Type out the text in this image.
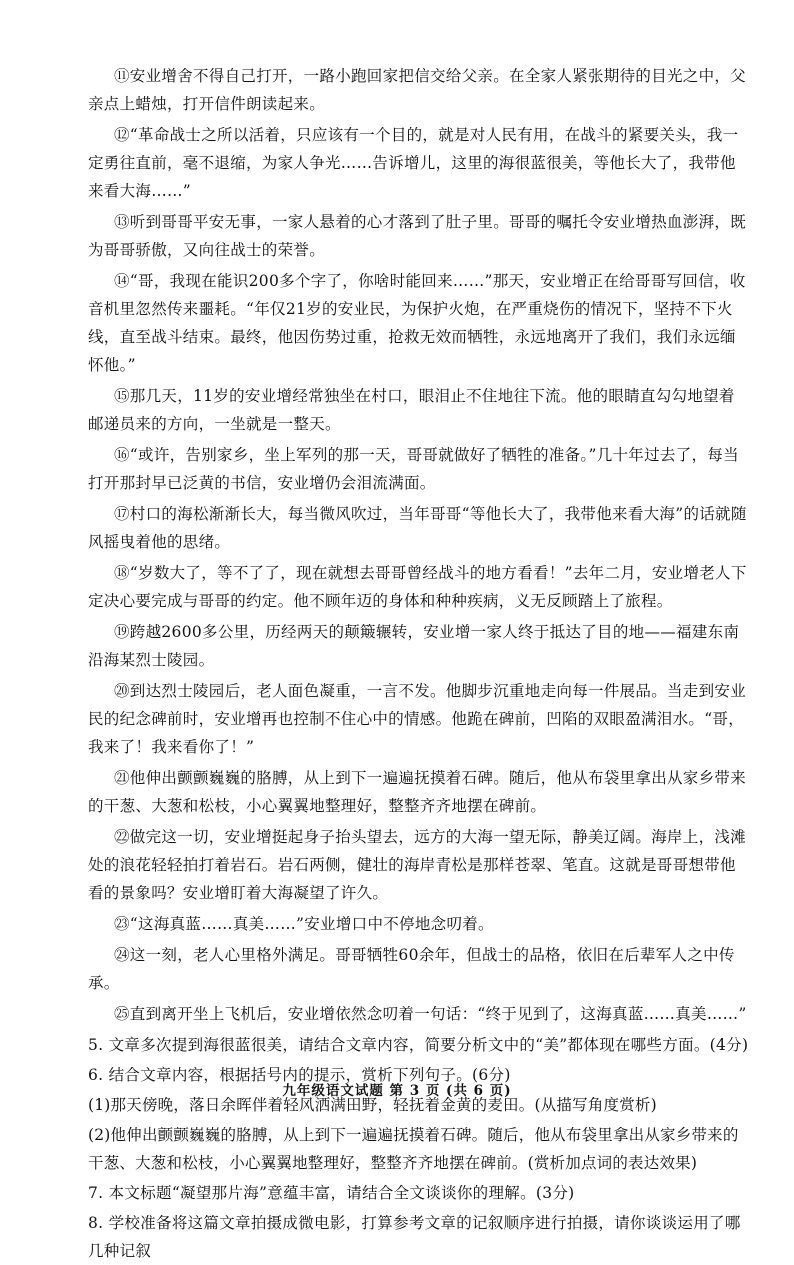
⑪安业增舍不得自己打开，一路小跑回家把信交给父亲。在全家人紧张期待的目光之中，父亲点上蜡烛，打开信件朗读起来。

⑫“革命战士之所以活着，只应该有一个目的，就是对人民有用，在战斗的紧要关头，我一定勇往直前，毫不退缩，为家人争光……告诉增儿，这里的海很蓝很美，等他长大了，我带他来看大海……”

⑬听到哥哥平安无事，一家人悬着的心才落到了肚子里。哥哥的嘱托令安业增热血澎湃，既为哥哥骄傲，又向往战士的荣誉。

⑭“哥，我现在能识200多个字了，你啥时能回来……”那天，安业增正在给哥哥写回信，收音机里忽然传来噩耗。“年仅21岁的安业民，为保护火炮，在严重烧伤的情况下，坚持不下火线，直至战斗结束。最终，他因伤势过重，抢救无效而牺牲，永远地离开了我们，我们永远缅怀他。”

⑮那几天，11岁的安业增经常独坐在村口，眼泪止不住地往下流。他的眼睛直勾勾地望着邮递员来的方向，一坐就是一整天。

⑯“或许，告别家乡，坐上军列的那一天，哥哥就做好了牺牲的准备。”几十年过去了，每当打开那封早已泛黄的书信，安业增仍会泪流满面。

⑰村口的海松渐渐长大，每当微风吹过，当年哥哥“等他长大了，我带他来看大海”的话就随风摇曳着他的思绪。

⑱“岁数大了，等不了了，现在就想去哥哥曾经战斗的地方看看！”去年二月，安业增老人下定决心要完成与哥哥的约定。他不顾年迈的身体和种种疾病，义无反顾踏上了旅程。

⑲跨越2600多公里，历经两天的颠簸辗转，安业增一家人终于抵达了目的地——福建东南沿海某烈士陵园。

⑳到达烈士陵园后，老人面色凝重，一言不发。他脚步沉重地走向每一件展品。当走到安业民的纪念碑前时，安业增再也控制不住心中的情感。他跪在碑前，凹陷的双眼盈满泪水。“哥，我来了！我来看你了！”

㉑他伸出颤颤巍巍的胳膊，从上到下一遍遍抚摸着石碑。随后，他从布袋里拿出从家乡带来的干葱、大葱和松枝，小心翼翼地整理好，整整齐齐地摆在碑前。

㉒做完这一切，安业增挺起身子抬头望去，远方的大海一望无际，静美辽阔。海岸上，浅滩处的浪花轻轻拍打着岩石。岩石两侧，健壮的海岸青松是那样苍翠、笔直。这就是哥哥想带他看的景象吗？安业增盯着大海凝望了许久。

㉓“这海真蓝……真美……”安业增口中不停地念叨着。

㉔这一刻，老人心里格外满足。哥哥牺牲60余年，但战士的品格，依旧在后辈军人之中传承。

㉕直到离开坐上飞机后，安业增依然念叨着一句话：“终于见到了，这海真蓝……真美……”

5. 文章多次提到海很蓝很美，请结合文章内容，简要分析文中的“美”都体现在哪些方面。(4分)

6. 结合文章内容，根据括号内的提示，赏析下列句子。(6分)

(1)那天傍晚，落日余晖伴着轻风洒满田野，轻抚着金黄的麦田。(从描写角度赏析)

(2)他伸出颤颤巍巍的胳膊，从上到下一遍遍抚摸着石碑。随后，他从布袋里拿出从家乡带来的干葱、大葱和松枝，小心翼翼地整理好，整整齐齐地摆在碑前。(赏析加点词的表达效果)

7. 本文标题“凝望那片海”意蕴丰富，请结合全文谈谈你的理解。(3分)

8. 学校准备将这篇文章拍摄成微电影，打算参考文章的记叙顺序进行拍摄，请你谈谈运用了哪几种记叙

九年级语文试题 第 3 页 (共 6 页)
